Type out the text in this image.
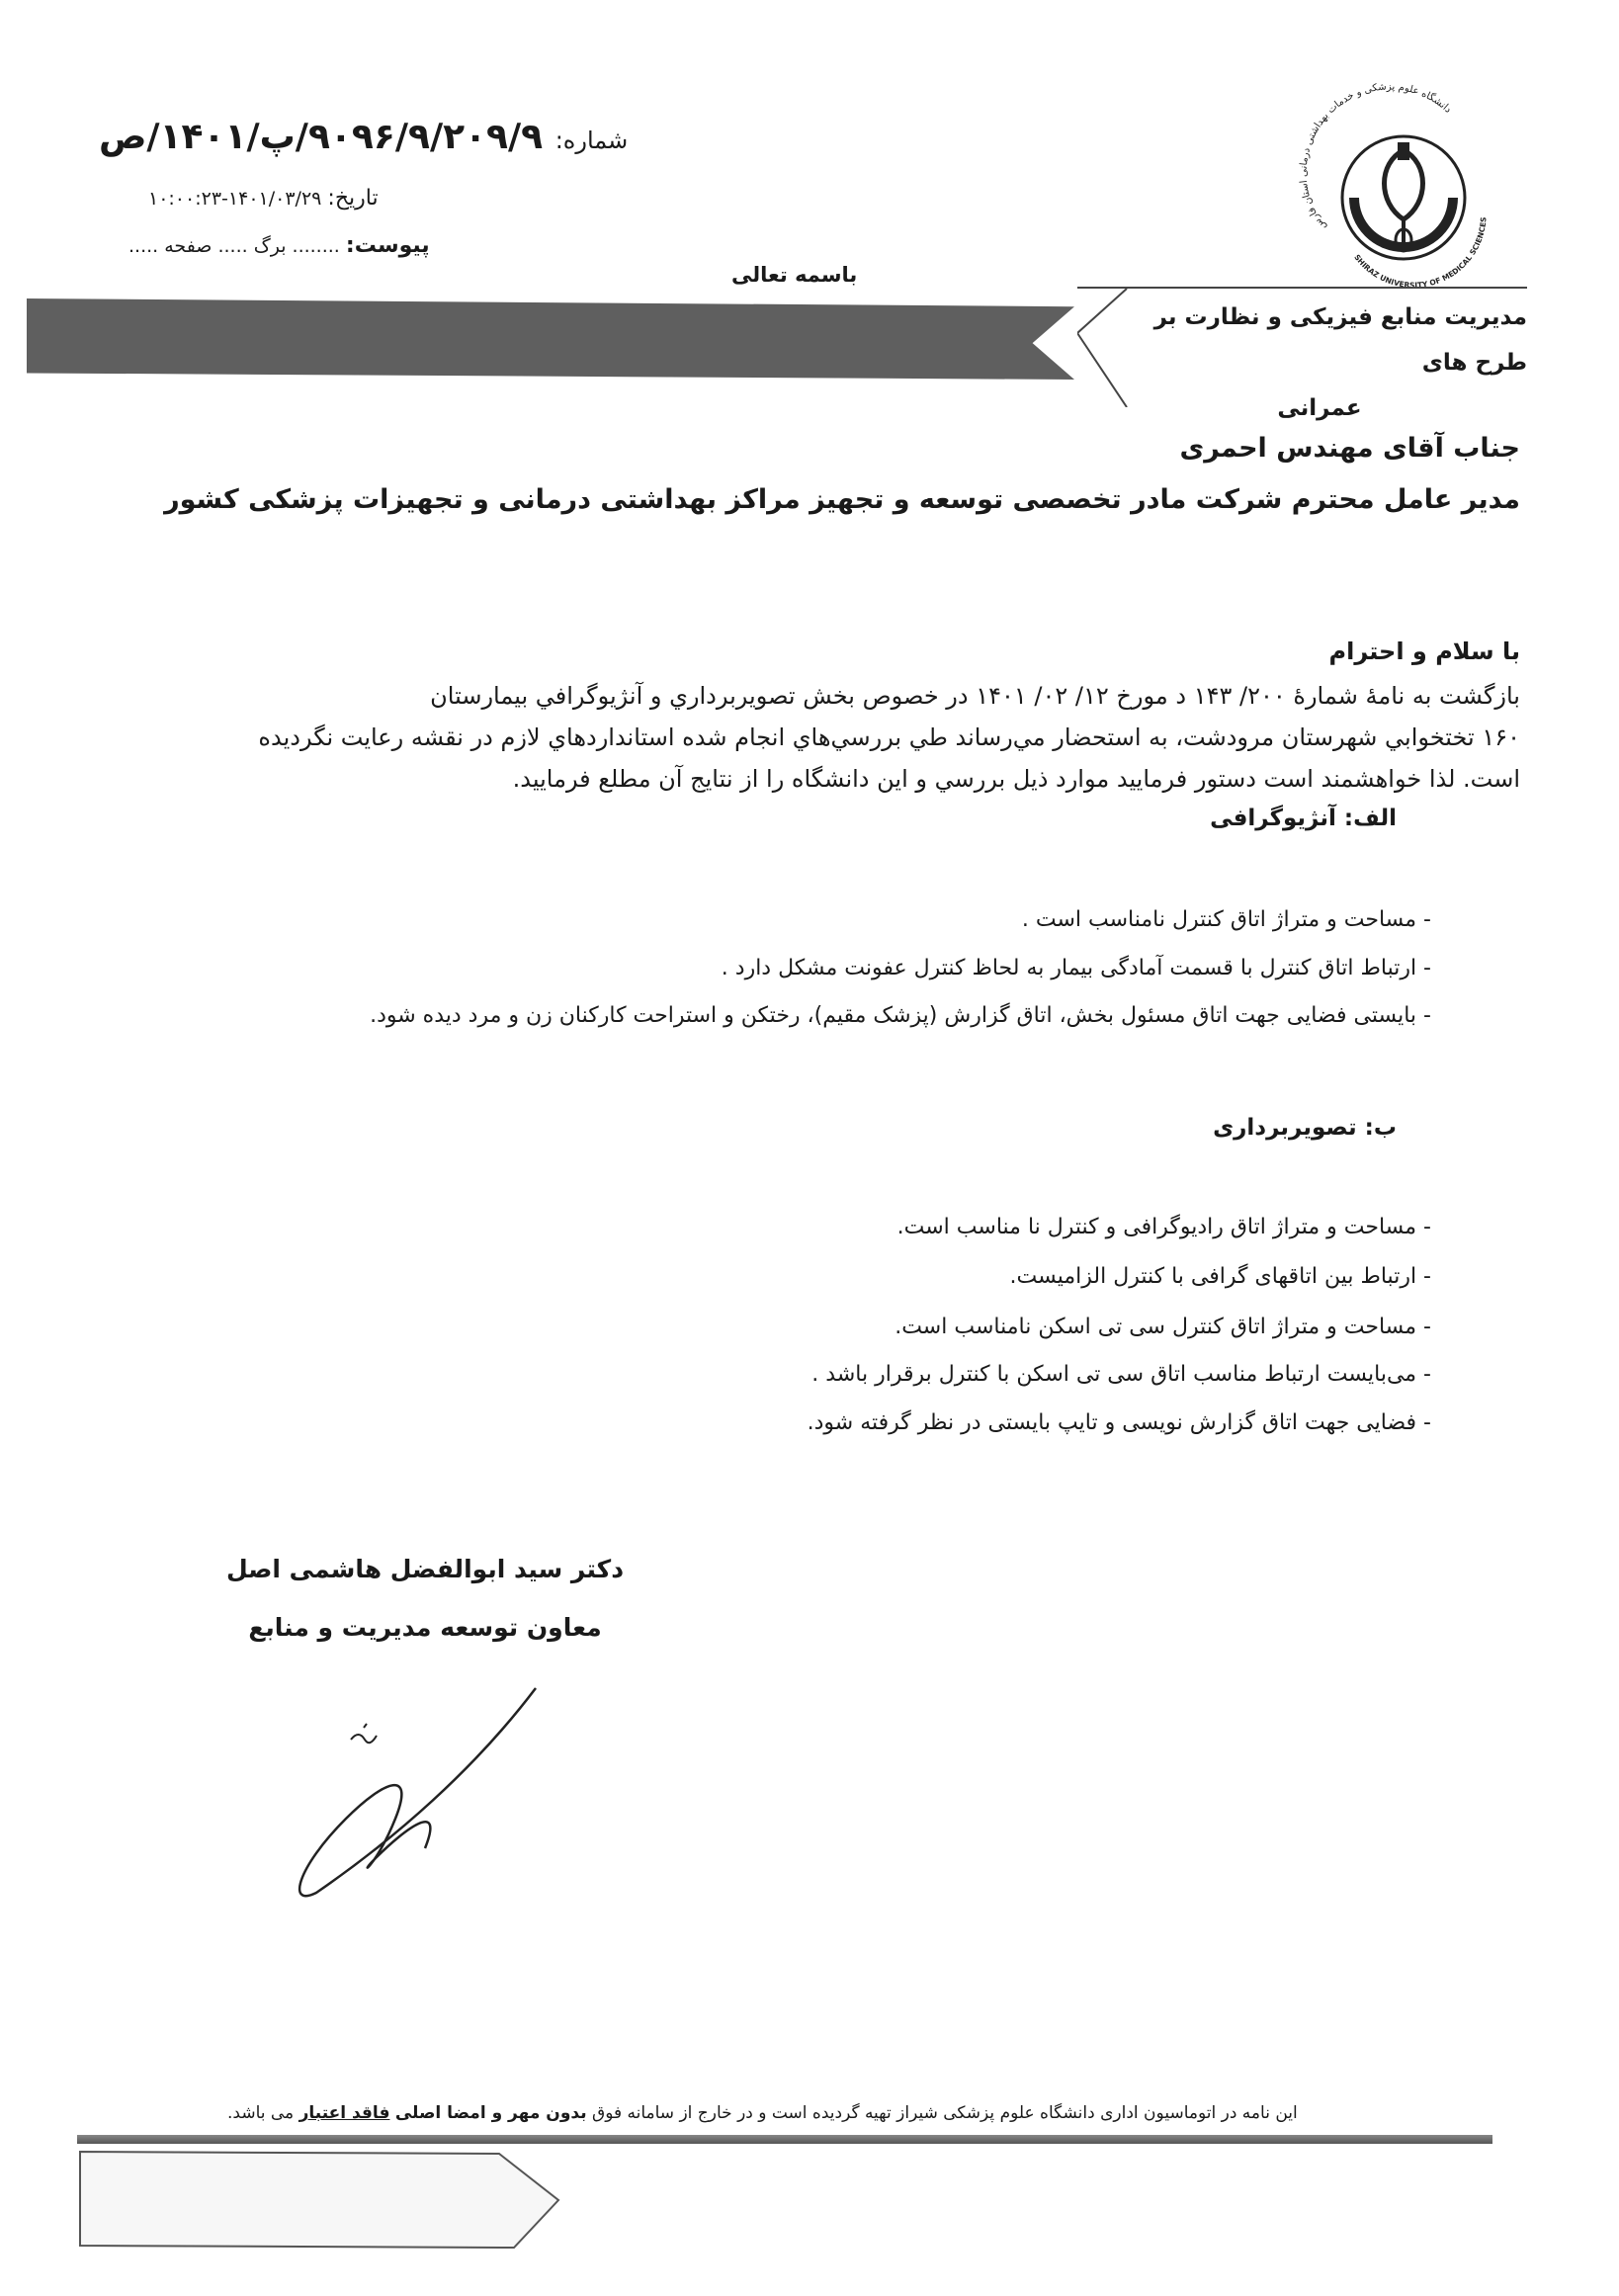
دانشگاه علوم پزشکی و خدمات بهداشتی درمانی استان فارس
SHIRAZ UNIVERSITY OF MEDICAL SCIENCES
شماره: ۹۰۹۶/۹/۲۰۹/۹/پ/۱۴۰۱/ص
تاریخ: ۱۴۰۱/۰۳/۲۹-۱۰:۰۰:۲۳
پیوست: ........ برگ ..... صفحه .....
باسمه تعالی
مدیریت منابع فیزیکی و نظارت بر طرح های
عمرانی
جناب آقای مهندس احمری
مدیر عامل محترم شرکت مادر تخصصی توسعه و تجهیز مراکز بهداشتی درمانی و تجهیزات پزشکی کشور
با سلام و احترام
بازگشت به نامهٔ شمارهٔ ۲۰۰/ ۱۴۳ د مورخ ۱۲/ ۰۲/ ۱۴۰۱ در خصوص بخش تصویربرداري و آنژیوگرافي بیمارستان
۱۶۰ تختخوابي شهرستان مرودشت، به استحضار مي‌رساند طي بررسي‌هاي انجام شده استانداردهاي لازم در نقشه رعایت نگردیده
است. لذا خواهشمند است دستور فرمایید موارد ذیل بررسي و این دانشگاه را از نتایج آن مطلع فرمایید.
الف: آنژیوگرافی
- مساحت و متراژ اتاق کنترل نامناسب است .
- ارتباط اتاق کنترل با قسمت آمادگی بیمار به لحاظ کنترل عفونت مشکل دارد .
- بایستی فضایی جهت اتاق مسئول بخش، اتاق گزارش (پزشک مقیم)، رختکن و استراحت کارکنان زن و مرد دیده شود.
ب: تصویربرداری
- مساحت و متراژ اتاق رادیوگرافی و کنترل نا مناسب است.
- ارتباط بین اتاقهای گرافی با کنترل الزامیست.
- مساحت و متراژ اتاق کنترل سی تی اسکن نامناسب است.
- می‌بایست ارتباط مناسب اتاق سی تی اسکن با کنترل برقرار باشد .
- فضایی جهت اتاق گزارش نویسی و تایپ بایستی در نظر گرفته شود.
دکتر سید ابوالفضل هاشمی اصل
معاون توسعه مدیریت و منابع
این نامه در اتوماسیون اداری دانشگاه علوم پزشکی شیراز تهیه گردیده است و در خارج از سامانه فوق بدون مهر و امضا اصلی فاقد اعتبار می باشد.
